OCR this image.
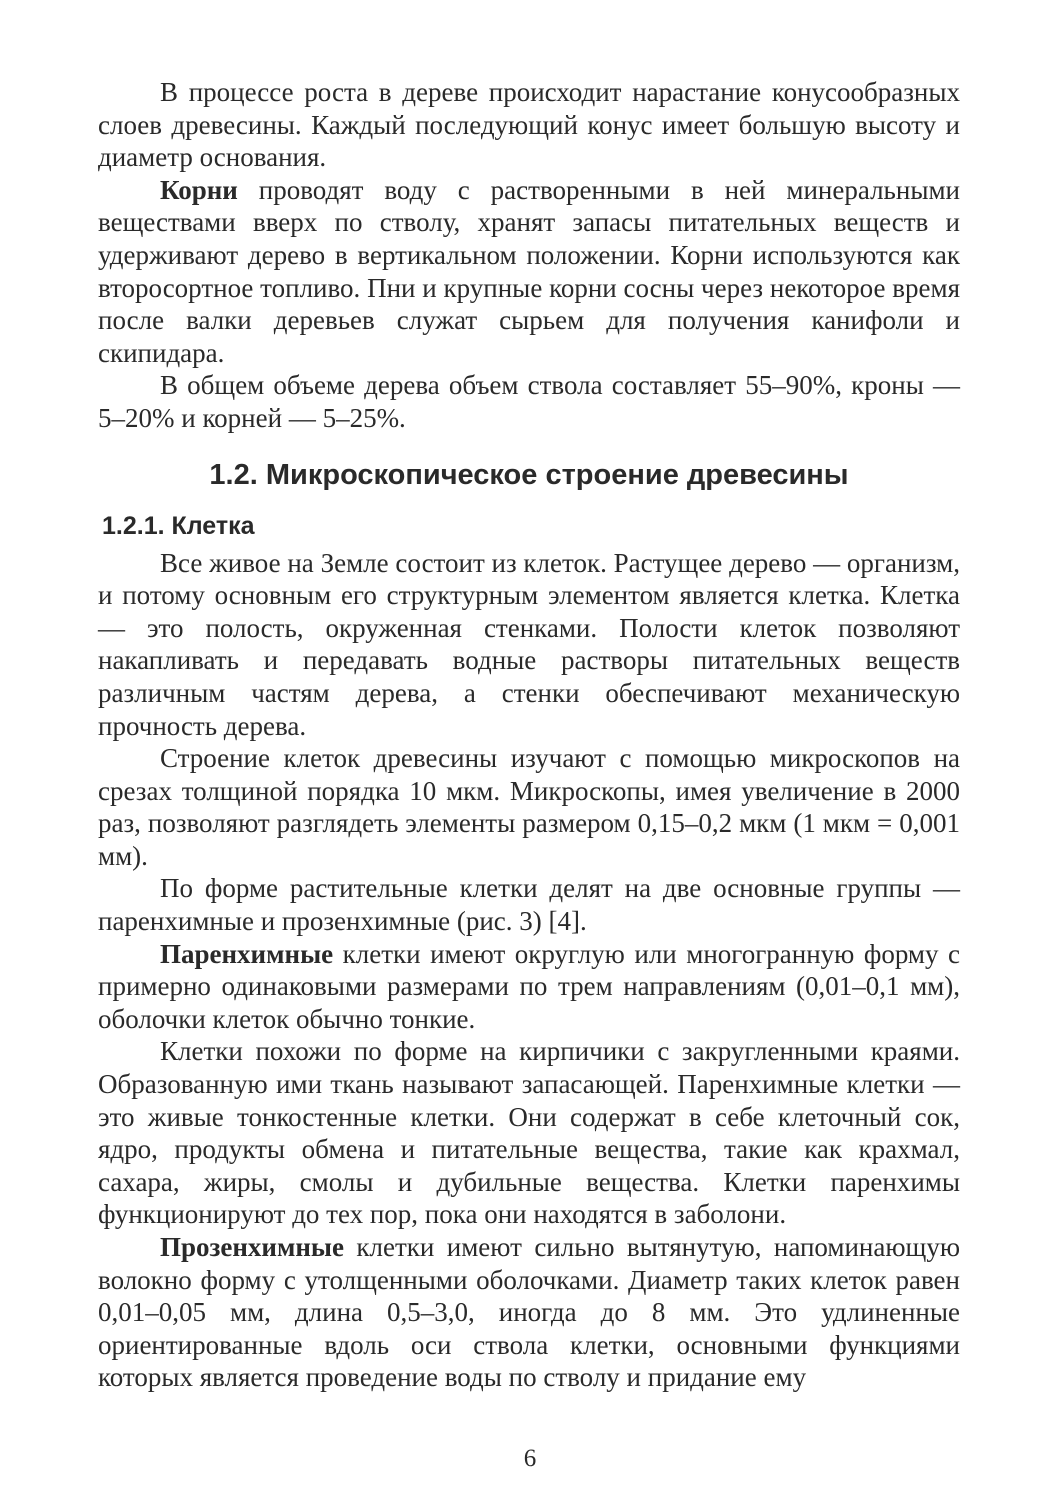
В процессе роста в дереве происходит нарастание конусообразных слоев древесины. Каждый последующий конус имеет большую высоту и диаметр основания.

Корни проводят воду с растворенными в ней минеральными веществами вверх по стволу, хранят запасы питательных веществ и удерживают дерево в вертикальном положении. Корни используются как второсортное топливо. Пни и крупные корни сосны через некоторое время после валки деревьев служат сырьем для получения канифоли и скипидара.

В общем объеме дерева объем ствола составляет 55–90%, кроны — 5–20% и корней — 5–25%.

1.2. Микроскопическое строение древесины
1.2.1. Клетка

Все живое на Земле состоит из клеток. Растущее дерево — организм, и потому основным его структурным элементом является клетка. Клетка — это полость, окруженная стенками. Полости клеток позволяют накапливать и передавать водные растворы питательных веществ различным частям дерева, а стенки обеспечивают механическую прочность дерева.

Строение клеток древесины изучают с помощью микроскопов на срезах толщиной порядка 10 мкм. Микроскопы, имея увеличение в 2000 раз, позволяют разглядеть элементы размером 0,15–0,2 мкм (1 мкм = 0,001 мм).

По форме растительные клетки делят на две основные группы — паренхимные и прозенхимные (рис. 3) [4].

Паренхимные клетки имеют округлую или многогранную форму с примерно одинаковыми размерами по трем направлениям (0,01–0,1 мм), оболочки клеток обычно тонкие.

Клетки похожи по форме на кирпичики с закругленными краями. Образованную ими ткань называют запасающей. Паренхимные клетки — это живые тонкостенные клетки. Они содержат в себе клеточный сок, ядро, продукты обмена и питательные вещества, такие как крахмал, сахара, жиры, смолы и дубильные вещества. Клетки паренхимы функционируют до тех пор, пока они находятся в заболони.

Прозенхимные клетки имеют сильно вытянутую, напоминающую волокно форму с утолщенными оболочками. Диаметр таких клеток равен 0,01–0,05 мм, длина 0,5–3,0, иногда до 8 мм. Это удлиненные ориентированные вдоль оси ствола клетки, основными функциями которых является проведение воды по стволу и придание ему

6
